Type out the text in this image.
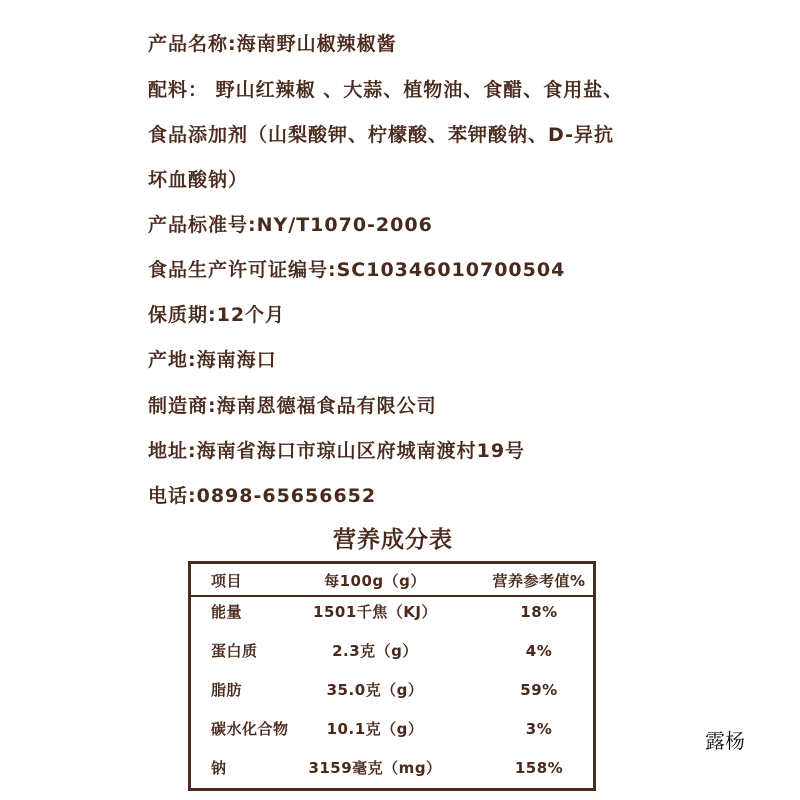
产品名称:海南野山椒辣椒酱
配料： 野山红辣椒 、大蒜、植物油、食醋、食用盐、
食品添加剂（山梨酸钾、柠檬酸、苯钾酸钠、D-异抗
坏血酸钠）
产品标准号:NY/T1070-2006
食品生产许可证编号:SC10346010700504
保质期:12个月
产地:海南海口
制造商:海南恩德福食品有限公司
地址:海南省海口市琼山区府城南渡村19号
电话:0898-65656652
营养成分表
项目	每100g（g）	营养参考值%
能量	1501千焦（KJ）	18%
蛋白质	2.3克（g）	4%
脂肪	35.0克（g）	59%
碳水化合物	10.1克（g）	3%
钠	3159毫克（mg）	158%
露杨
